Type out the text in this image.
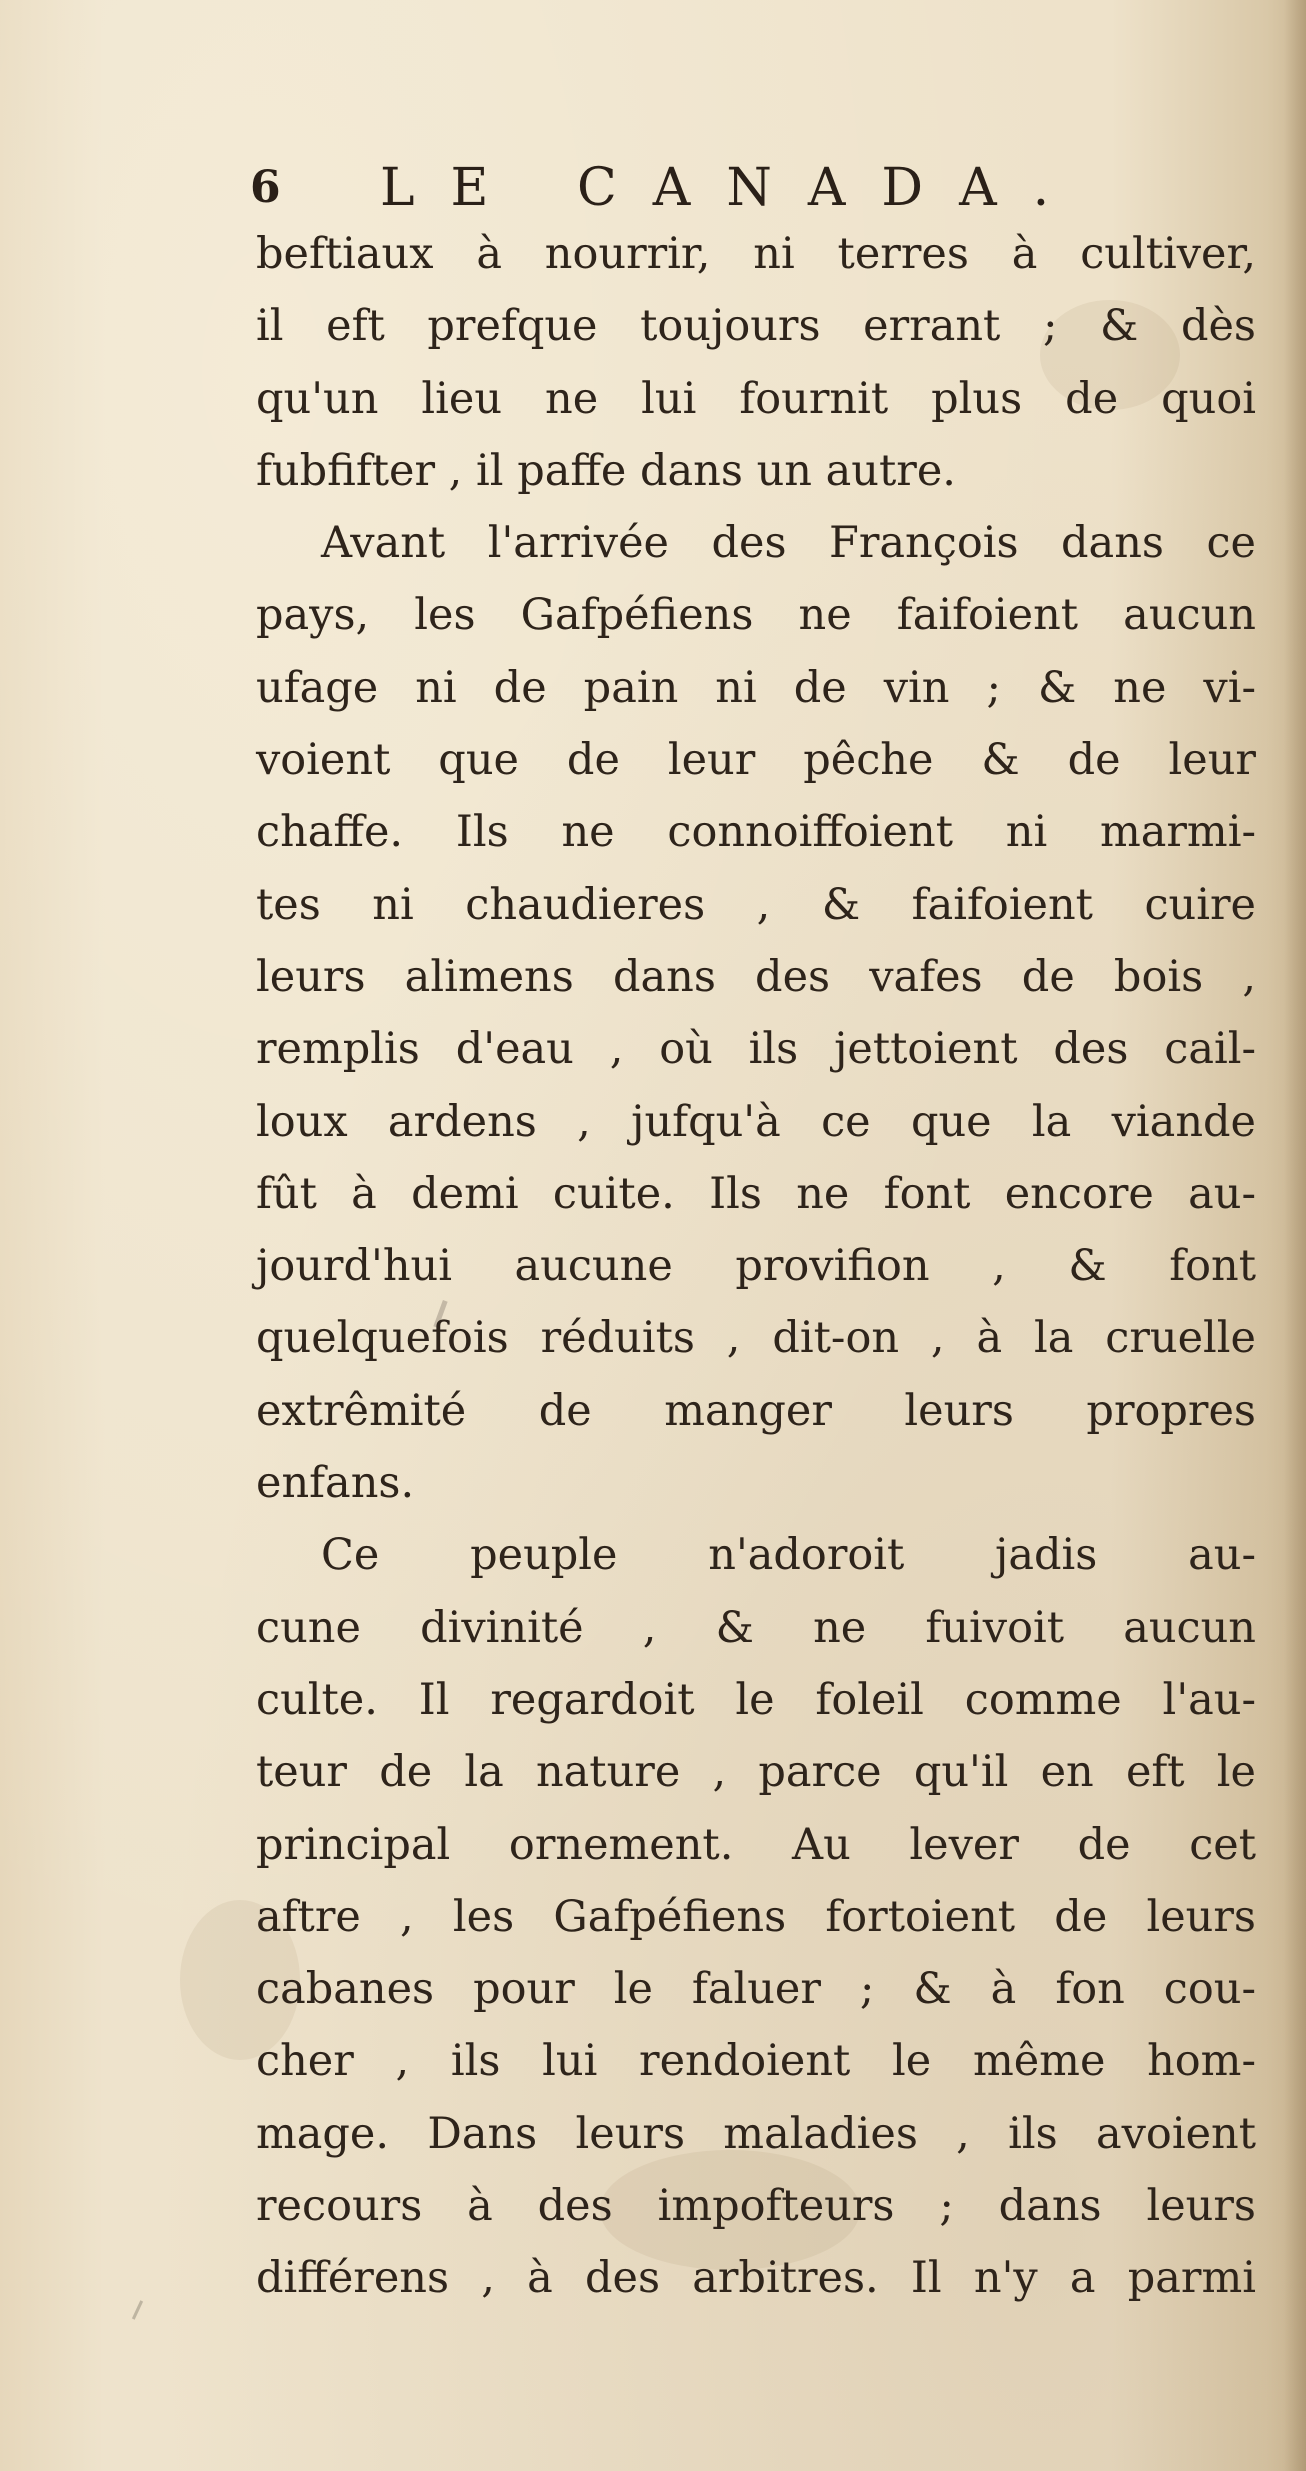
6 LE CANADA.
beftiaux à nourrir, ni terres à cultiver,
il eft prefque toujours errant ; & dès
qu'un lieu ne lui fournit plus de quoi
fubfifter , il paffe dans un autre.
Avant l'arrivée des François dans ce
pays, les Gafpéfiens ne faifoient aucun
ufage ni de pain ni de vin ; & ne vi-
voient que de leur pêche & de leur
chaffe. Ils ne connoiffoient ni marmi-
tes ni chaudieres , & faifoient cuire
leurs alimens dans des vafes de bois ,
remplis d'eau , où ils jettoient des cail-
loux ardens , jufqu'à ce que la viande
fût à demi cuite. Ils ne font encore au-
jourd'hui aucune provifion , & font
quelquefois réduits , dit-on , à la cruelle
extrêmité de manger leurs propres
enfans.
Ce peuple n'adoroit jadis au-
cune divinité , & ne fuivoit aucun
culte. Il regardoit le foleil comme l'au-
teur de la nature , parce qu'il en eft le
principal ornement. Au lever de cet
aftre , les Gafpéfiens fortoient de leurs
cabanes pour le faluer ; & à fon cou-
cher , ils lui rendoient le même hom-
mage. Dans leurs maladies , ils avoient
recours à des impofteurs ; dans leurs
différens , à des arbitres. Il n'y a parmi
